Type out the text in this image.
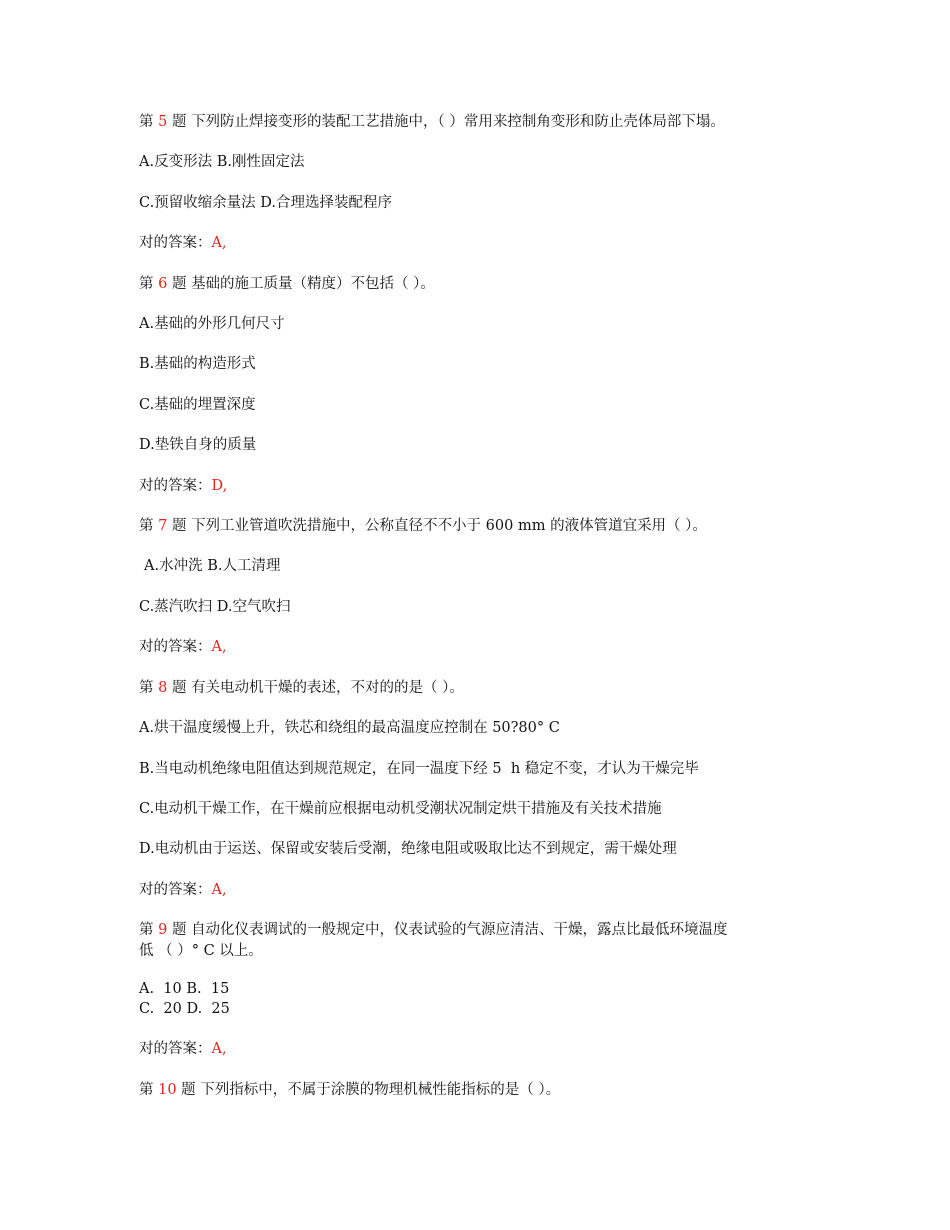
第 5 题 下列防止焊接变形的装配工艺措施中，（ ）常用来控制角变形和防止壳体局部下塌。
A.反变形法 B.刚性固定法
C.预留收缩余量法 D.合理选择装配程序
对的答案：A,
第 6 题 基础的施工质量（精度）不包括（ ）。
A.基础的外形几何尺寸
B.基础的构造形式
C.基础的埋置深度
D.垫铁自身的质量
对的答案：D,
第 7 题 下列工业管道吹洗措施中，公称直径不不小于 600 mm 的液体管道宜采用（ ）。
A.水冲洗 B.人工清理
C.蒸汽吹扫 D.空气吹扫
对的答案：A,
第 8 题 有关电动机干燥的表述，不对的的是（ ）。
A.烘干温度缓慢上升，铁芯和绕组的最高温度应控制在 50?80° C
B.当电动机绝缘电阻值达到规范规定，在同一温度下经 5  h 稳定不变，才认为干燥完毕
C.电动机干燥工作，在干燥前应根据电动机受潮状况制定烘干措施及有关技术措施
D.电动机由于运送、保留或安装后受潮，绝缘电阻或吸取比达不到规定，需干燥处理
对的答案：A,
第 9 题 自动化仪表调试的一般规定中，仪表试验的气源应清洁、干燥，露点比最低环境温度
低 （ ）° C 以上。
A.  10 B.  15
C.  20 D.  25
对的答案：A,
第 10 题 下列指标中，不属于涂膜的物理机械性能指标的是（ ）。
